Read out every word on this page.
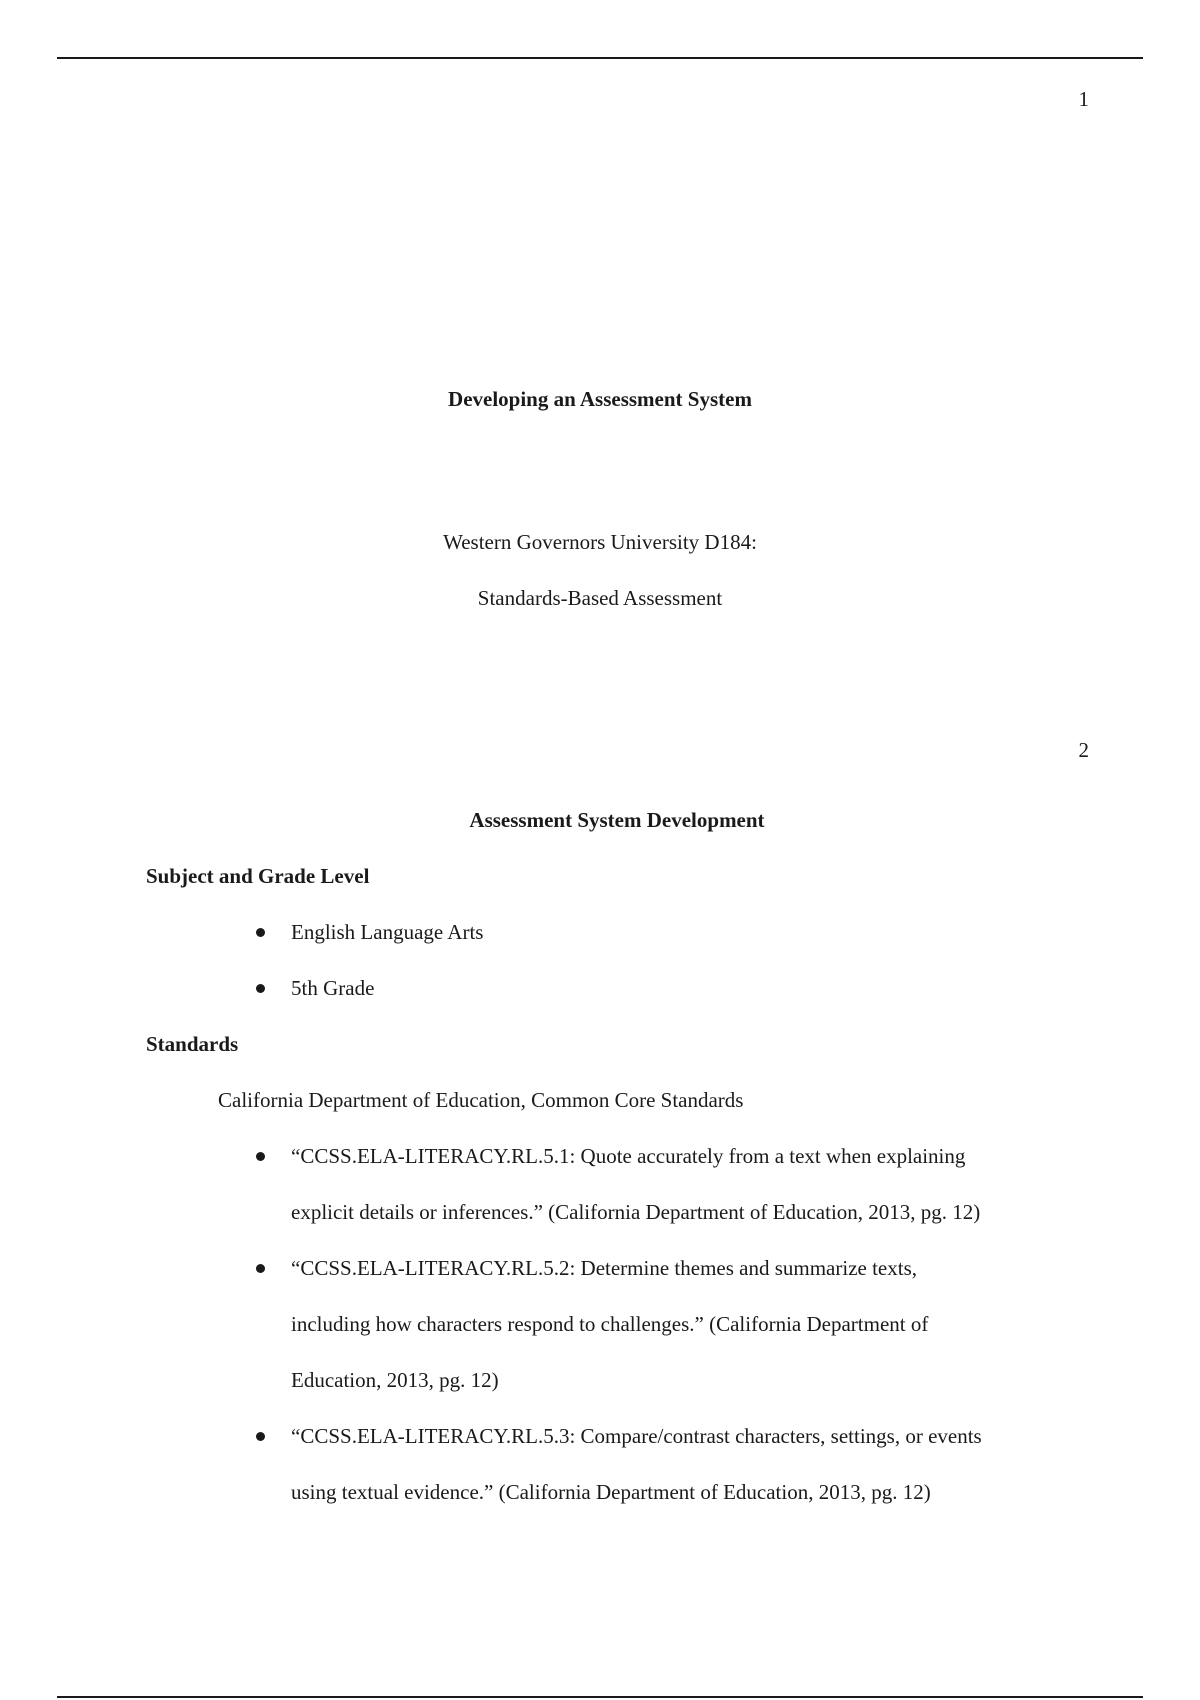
1
Developing an Assessment System
Western Governors University D184:
Standards-Based Assessment
2
Assessment System Development
Subject and Grade Level
English Language Arts
5th Grade
Standards
California Department of Education, Common Core Standards
“CCSS.ELA-LITERACY.RL.5.1: Quote accurately from a text when explaining
explicit details or inferences.” (California Department of Education, 2013, pg. 12)
“CCSS.ELA-LITERACY.RL.5.2: Determine themes and summarize texts,
including how characters respond to challenges.” (California Department of
Education, 2013, pg. 12)
“CCSS.ELA-LITERACY.RL.5.3: Compare/contrast characters, settings, or events
using textual evidence.” (California Department of Education, 2013, pg. 12)
